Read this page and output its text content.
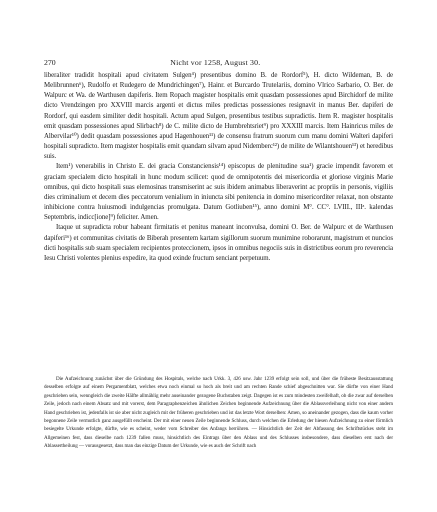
270	Nicht vor 1258, August 30.

liberaliter tradidit hospitali apud civitatem Sulgen⁴) presentibus domino B. de Rordorf⁵), H. dicto Wildeman, B. de Melibrunnen⁶), Rudolfo et Rudegero de Mundrichingen⁷), Hainr. et Burcardo Trutelariis, domino Vlrico Sarbario, O. Ber. de Walpurc et Wa. de Warthusen dapiferis. Item Ropach magister hospitalis emit quasdam possessiones apud Birchidorf de milite dicto Vrendzingen pro XXVIII marcis argenti et dictus miles predictas possessiones resignavit in manus Ber. dapiferi de Rordorf, qui easdem similiter dedit hospitali. Actum apud Sulgen, presentibus testibus supradictis. Item R. magister hospitalis emit quasdam possessiones apud Slirbach⁸) de C. milite dicto de Humbrehtsriet⁹) pro XXXIII marcis. Item Hainricus miles de Albervilar¹⁰) dedit quasdam possessiones apud Hagenhouen¹¹) de consensu fratrum suorum cum manu domini Walteri dapiferi hospitali supradicto. Item magister hospitalis emit quandam silvam apud Nidemberc¹²) de milite de Wilantshouen¹³) et heredibus suis.

Item¹) venerabilis in Christo E. dei gracia Constanciensis¹⁴) episcopus de plenitudine sua¹) gracie impendit favorem et graciam specialem dicto hospitali in hunc modum scilicet: quod de omnipotentis dei misericordia et gloriose virginis Marie omnibus, qui dicto hospitali suas elemosinas transmiserint ac suis ibidem animabus liberaverint ac propriis in personis, vigiliis dies criminalium et decem dies peccatorum venialium in iniuncta sibi penitencia in domino misericorditer relaxat, non obstante inhibicione contra huiusmodi indulgencias promulgata. Datum Gotliuben¹⁵), anno domini M°. CC°. LVIII., IIIᵃ. kalendas Septembris, indicc[ione]⁹) feliciter. Amen.

Itaque ut supradicta robur habeant firmitatis et penitus maneant inconvulsa, domini O. Ber. de Walpurc et de Warthusen dapiferi¹⁶) et communitas civitatis de Biberah presentem kartam sigillorum suorum munimine roborarunt, magistrum et nuncios dicti hospitalis sub suam specialem recipientes proteccionem, ipsos in omnibus negociis suis in districtibus eorum pro reverencia Iesu Christi volentes plenius expedire, ita quod exinde fructum senciant perpetuum.

Die Aufzeichnung zunächst über die Gründung des Hospitals, welche nach Urkk. 3, 426 usw. Jahr 1239 erfolgt sein soll, und über die früheste Besitzausstattung desselben erfolgte auf einem Pergamentblatt, welches etwa noch einmal so hoch als breit und am rechten Rande schief abgeschnitten war. Sie dürfte von einer Hand geschrieben sein, wenngleich die zweite Hälfte allmählig mehr auseinander gezogene Buchstaben zeigt. Dagegen ist es zum mindesten zweifelhaft, ob die zwar auf derselben Zeile, jedoch nach einem Absatz und mit vorerst, dem Paragraphenzeichen ähnlichen Zeichen beginnende Aufzeichnung über die Ablassverleihung nicht von einer andern Hand geschrieben ist, jedenfalls ist sie aber nicht zugleich mit der früheren geschrieben und ist das letzte Wort derselben: Amen, so aneinander gezogen, dass die kaum vorher begonnene Zeile vermutlich ganz ausgefüllt erscheint. Der mit einer neuen Zeile beginnende Schluss, durch welchen die Erledung der hiesen Aufzeichnung zu einer förmlich besiegelte Urkunde erfolgte, dürfte, wie es scheint, weder vom Schreiber des Anfangs herrühren. — Hinsichtlich der Zeit der Abfassung des Schriftstückes steht im Allgemeinen fest, dass dieselbe nach 1239 fallen muss, hinsichtlich des Eintrags über den Ablass und des Schlusses insbesondere, dass dieselben erst nach der Ablassertheilung — vorausgesetzt, dass man das einzige Datum der Urkunde, wie es auch der Schrift nach
